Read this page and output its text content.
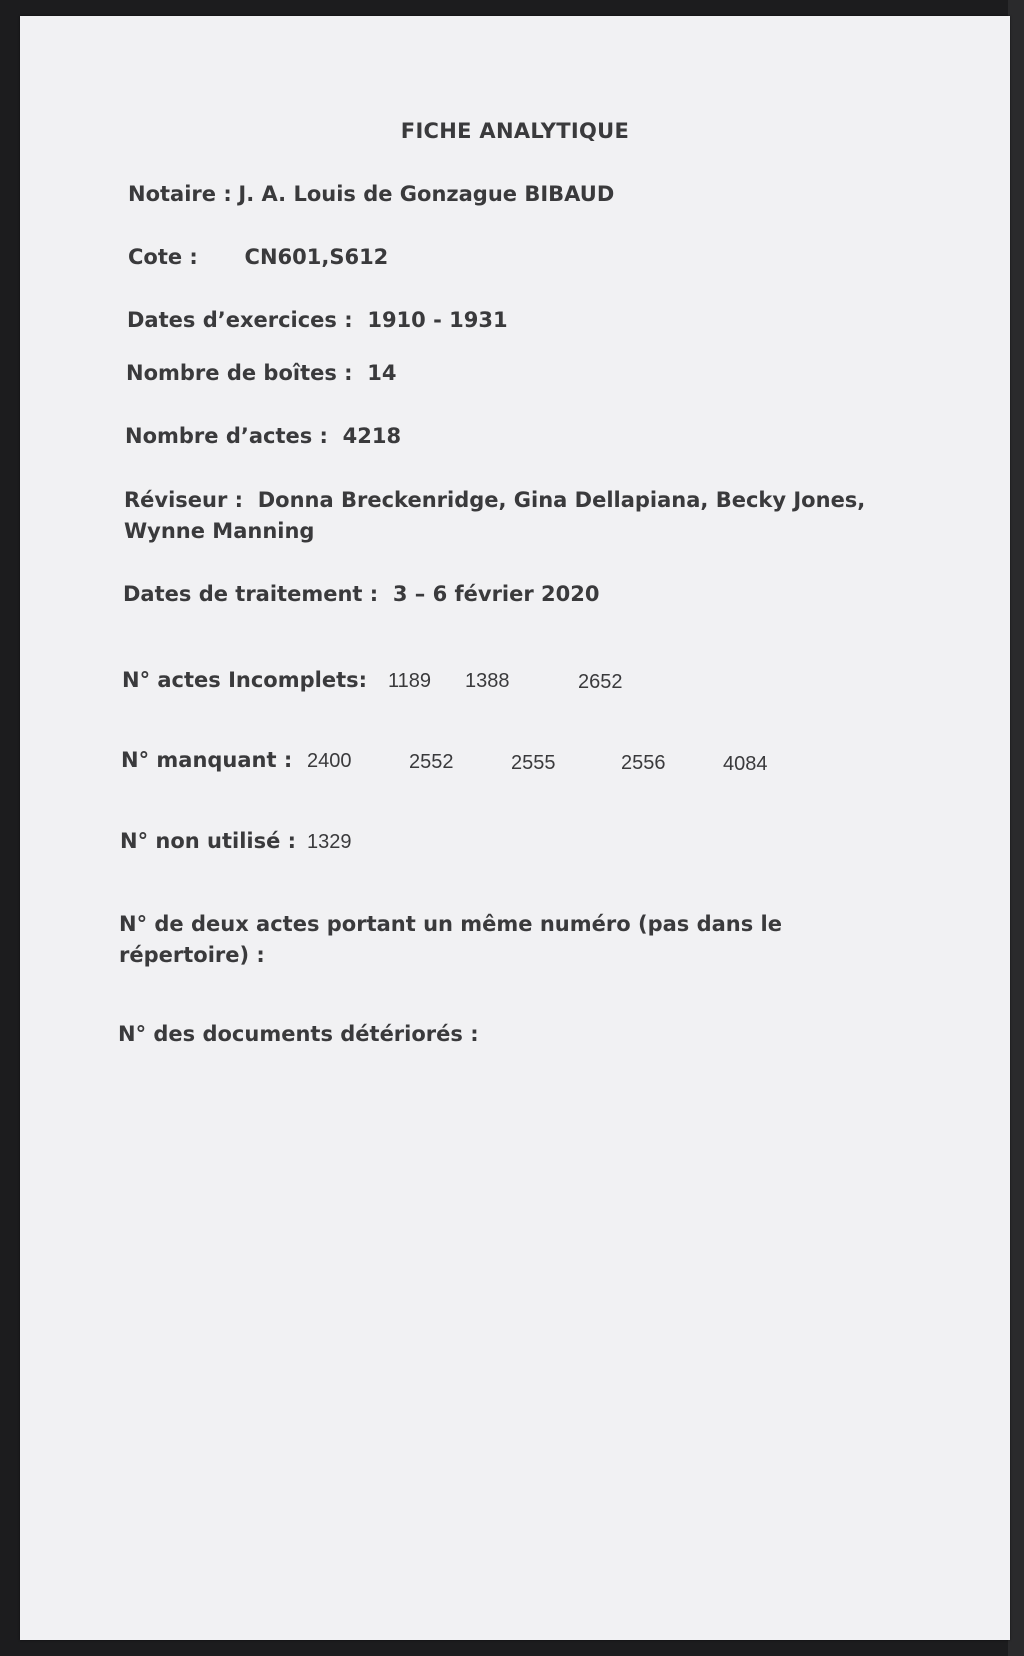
FICHE ANALYTIQUE
Notaire : J. A. Louis de Gonzague BIBAUD
Cote : CN601,S612
Dates d’exercices : 1910 - 1931
Nombre de boîtes : 14
Nombre d’actes : 4218
Réviseur : Donna Breckenridge, Gina Dellapiana, Becky Jones,
Wynne Manning
Dates de traitement : 3 – 6 février 2020
N° actes Incomplets: 1189 1388	2652
N° manquant : 2400	2552	2555	2556	4084
N° non utilisé : 1329
N° de deux actes portant un même numéro (pas dans le
répertoire) :
N° des documents détériorés :
